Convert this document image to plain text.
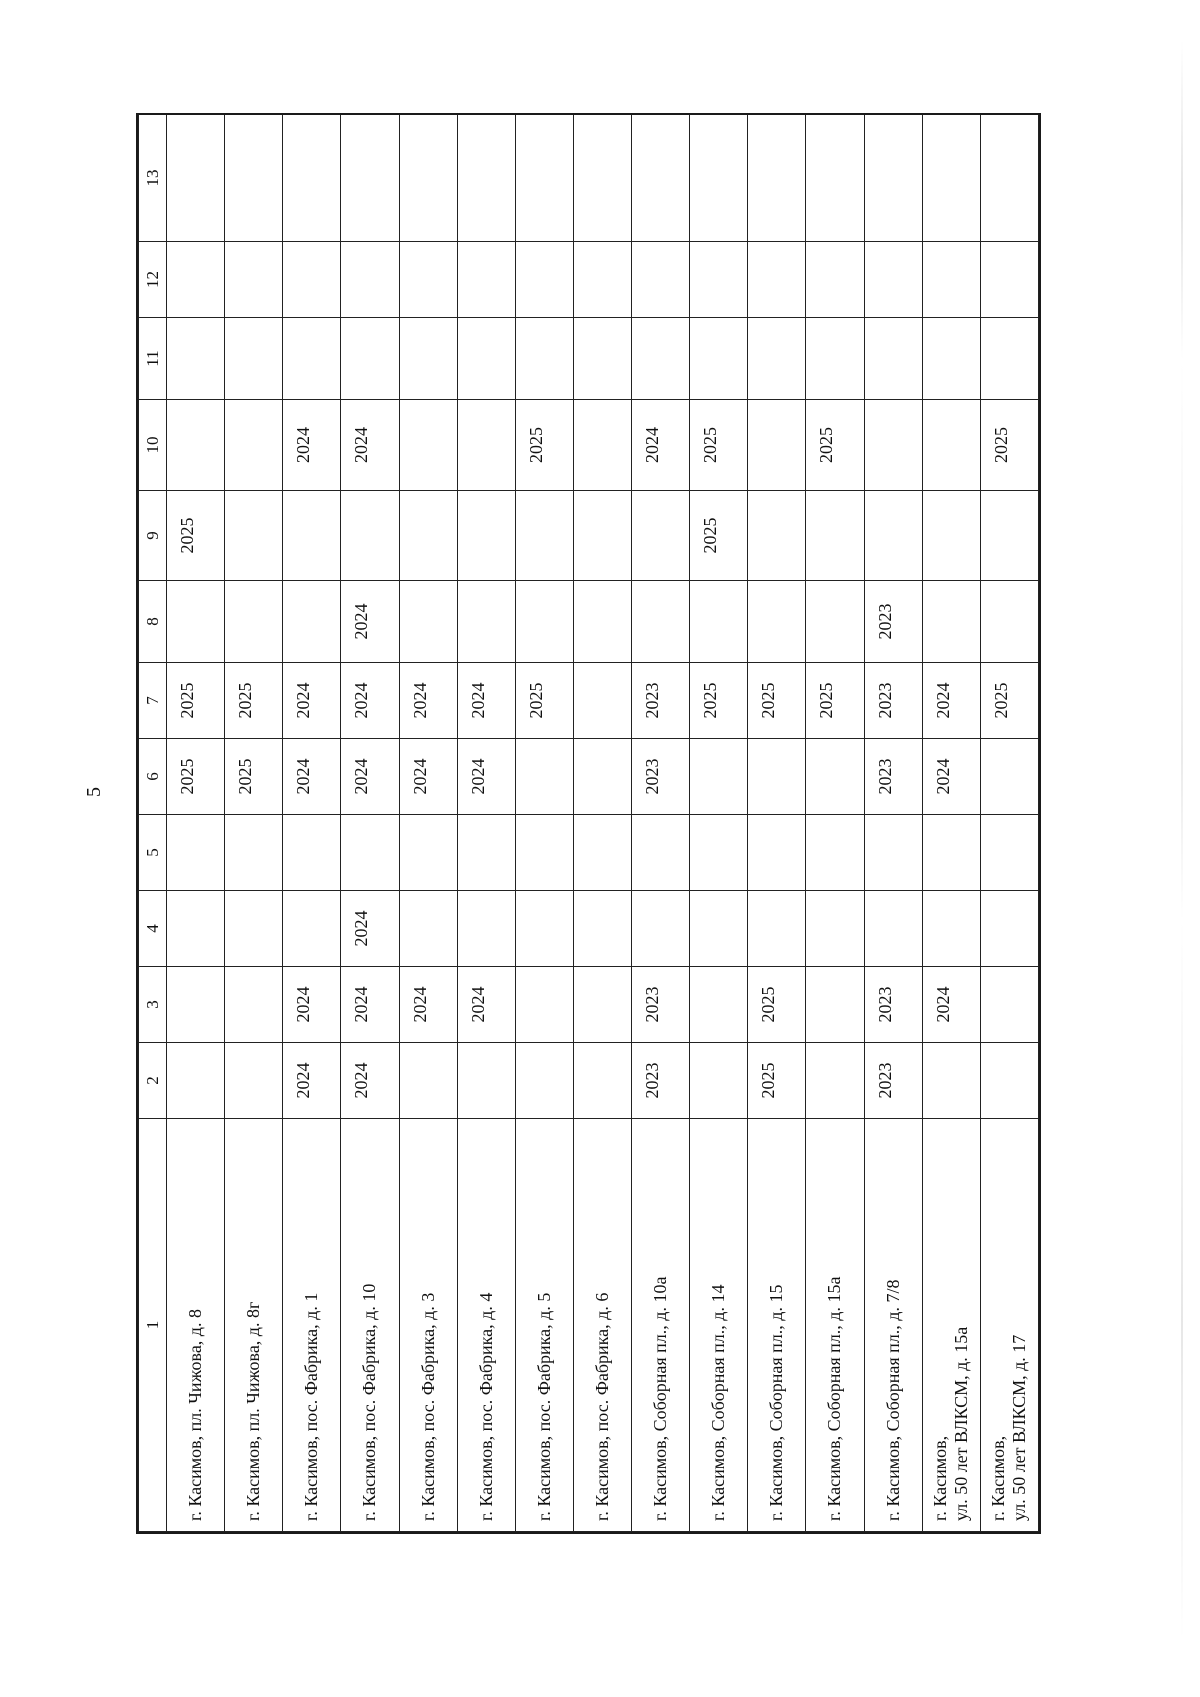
5
1	2	3	4	5	6	7	8	9	10	11	12	13
г. Касимов, пл. Чижова, д. 8					2025	2025		2025				
г. Касимов, пл. Чижова, д. 8г					2025	2025						
г. Касимов, пос. Фабрика, д. 1	2024	2024			2024	2024			2024			
г. Касимов, пос. Фабрика, д. 10	2024	2024	2024		2024	2024	2024		2024			
г. Касимов, пос. Фабрика, д. 3		2024			2024	2024						
г. Касимов, пос. Фабрика, д. 4		2024			2024	2024						
г. Касимов, пос. Фабрика, д. 5						2025			2025			
г. Касимов, пос. Фабрика, д. 6												
г. Касимов, Соборная пл., д. 10а	2023	2023			2023	2023			2024			
г. Касимов, Соборная пл., д. 14						2025		2025	2025			
г. Касимов, Соборная пл., д. 15	2025	2025				2025						
г. Касимов, Соборная пл., д. 15а						2025			2025			
г. Касимов, Соборная пл., д. 7/8	2023	2023			2023	2023	2023					

г. Касимов, ул. 50 лет ВЛКСМ, д. 15а		2024			2024	2024						

г. Касимов, ул. 50 лет ВЛКСМ, д. 17						2025			2025			
